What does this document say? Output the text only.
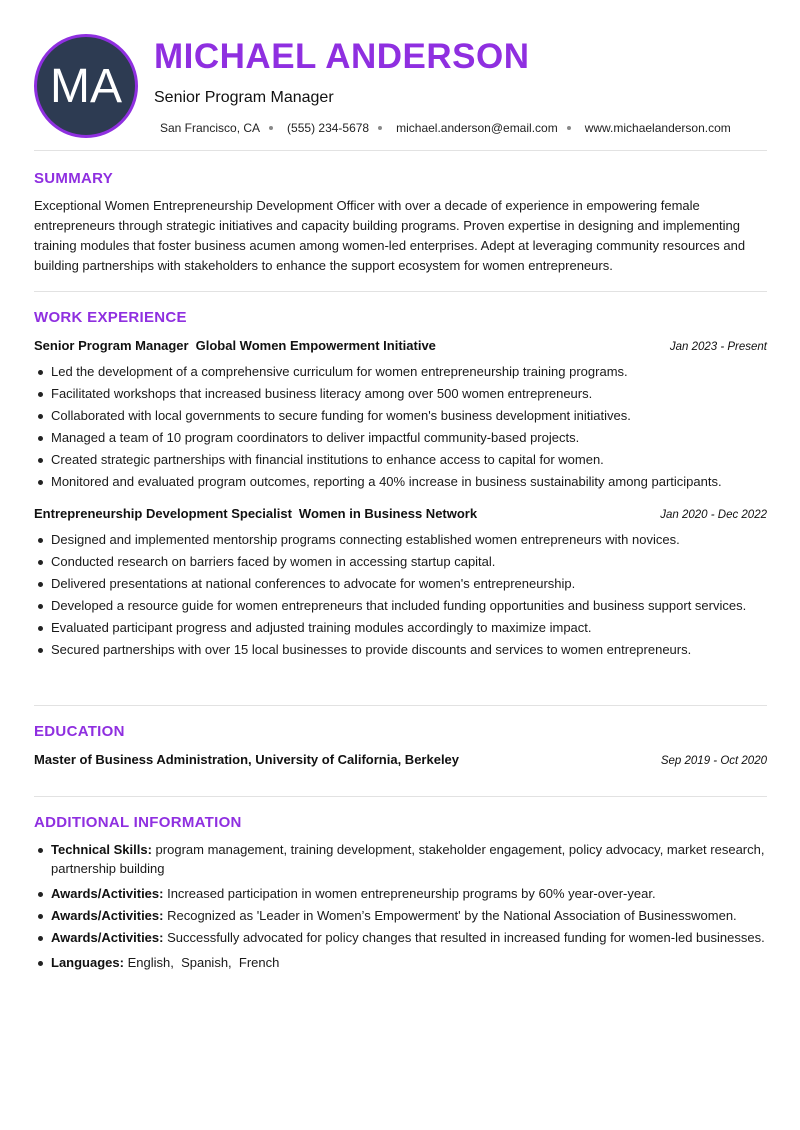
MA
MICHAEL ANDERSON
Senior Program Manager
San Francisco, CA (555) 234-5678 michael.anderson@email.com www.michaelanderson.com
SUMMARY

Exceptional Women Entrepreneurship Development Officer with over a decade of experience in empowering female entrepreneurs through strategic initiatives and capacity building programs. Proven expertise in designing and implementing training modules that foster business acumen among women-led enterprises. Adept at leveraging community resources and building partnerships with stakeholders to enhance the support ecosystem for women entrepreneurs.

WORK EXPERIENCE
Senior Program Manager Global Women Empowerment Initiative	Jan 2023 - Present
Led the development of a comprehensive curriculum for women entrepreneurship training programs.
Facilitated workshops that increased business literacy among over 500 women entrepreneurs.
Collaborated with local governments to secure funding for women's business development initiatives.
Managed a team of 10 program coordinators to deliver impactful community-based projects.
Created strategic partnerships with financial institutions to enhance access to capital for women.
Monitored and evaluated program outcomes, reporting a 40% increase in business sustainability among participants.
Entrepreneurship Development Specialist Women in Business Network	Jan 2020 - Dec 2022
Designed and implemented mentorship programs connecting established women entrepreneurs with novices.
Conducted research on barriers faced by women in accessing startup capital.
Delivered presentations at national conferences to advocate for women's entrepreneurship.
Developed a resource guide for women entrepreneurs that included funding opportunities and business support services.
Evaluated participant progress and adjusted training modules accordingly to maximize impact.
Secured partnerships with over 15 local businesses to provide discounts and services to women entrepreneurs.
EDUCATION
Master of Business Administration, University of California, Berkeley	Sep 2019 - Oct 2020
ADDITIONAL INFORMATION
Technical Skills: program management, training development, stakeholder engagement, policy advocacy, market research, partnership building
Awards/Activities: Increased participation in women entrepreneurship programs by 60% year-over-year.
Awards/Activities: Recognized as 'Leader in Women’s Empowerment' by the National Association of Businesswomen.
Awards/Activities: Successfully advocated for policy changes that resulted in increased funding for women-led businesses.
Languages: English,  Spanish,  French
